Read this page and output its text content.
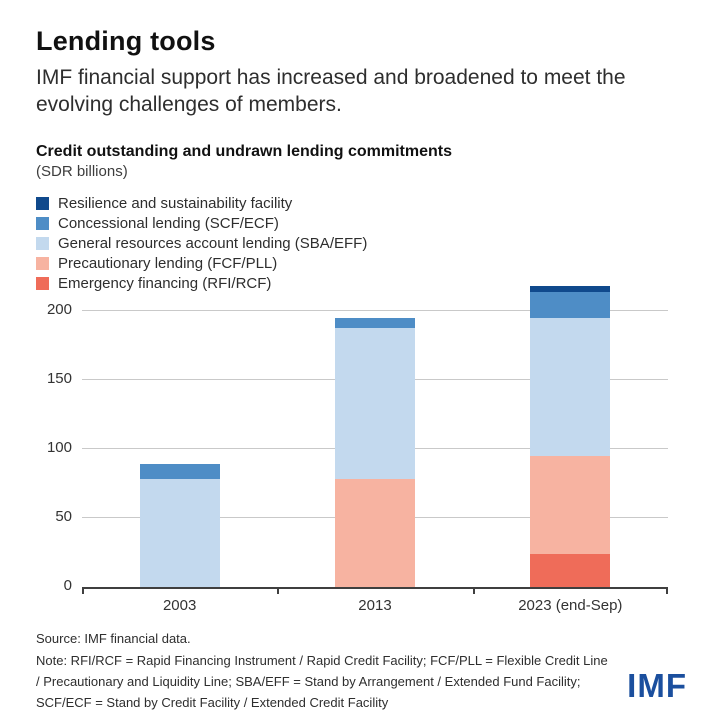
Lending tools
IMF financial support has increased and broadened to meet the evolving challenges of members.
Credit outstanding and undrawn lending commitments
(SDR billions)
Resilience and sustainability facility
Concessional lending (SCF/ECF)
General resources account lending (SBA/EFF)
Precautionary lending (FCF/PLL)
Emergency financing (RFI/RCF)
0
50
100
150
200
2003	2013	2023 (end-Sep)
Source: IMF financial data.
Note: RFI/RCF = Rapid Financing Instrument / Rapid Credit Facility; FCF/PLL = Flexible Credit Line / Precautionary and Liquidity Line; SBA/EFF = Stand by Arrangement / Extended Fund Facility; SCF/ECF = Stand by Credit Facility / Extended Credit Facility	IMF
